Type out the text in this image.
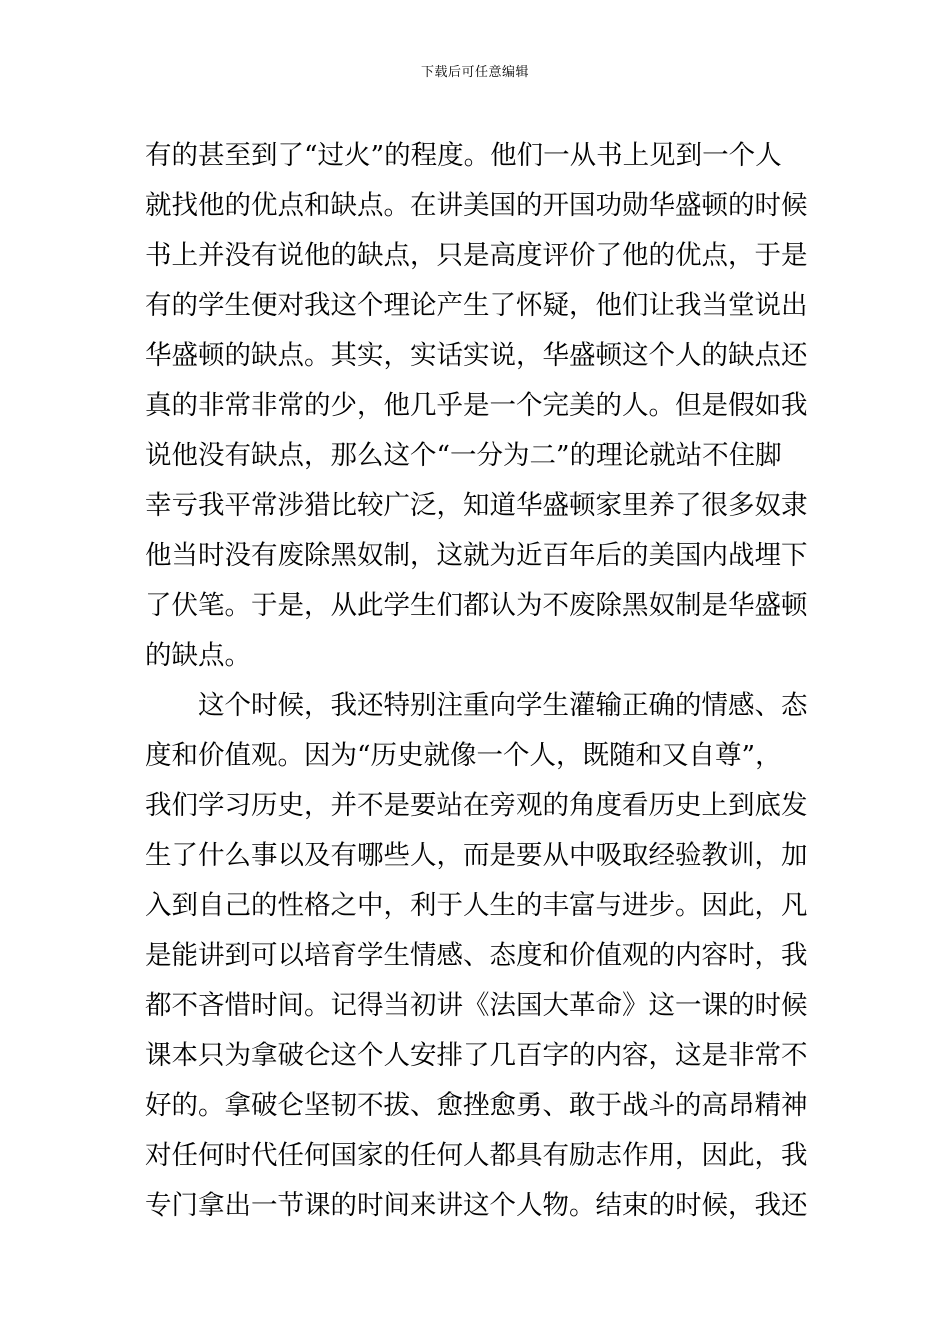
下载后可任意编辑
有的甚至到了“过火”的程度。他们一从书上见到一个人
就找他的优点和缺点。在讲美国的开国功勋华盛顿的时候
书上并没有说他的缺点，只是高度评价了他的优点，于是
有的学生便对我这个理论产生了怀疑，他们让我当堂说出
华盛顿的缺点。其实，实话实说，华盛顿这个人的缺点还
真的非常非常的少，他几乎是一个完美的人。但是假如我
说他没有缺点，那么这个“一分为二”的理论就站不住脚
幸亏我平常涉猎比较广泛，知道华盛顿家里养了很多奴隶
他当时没有废除黑奴制，这就为近百年后的美国内战埋下
了伏笔。于是，从此学生们都认为不废除黑奴制是华盛顿
的缺点。
这个时候，我还特别注重向学生灌输正确的情感、态
度和价值观。因为“历史就像一个人，既随和又自尊”，
我们学习历史，并不是要站在旁观的角度看历史上到底发
生了什么事以及有哪些人，而是要从中吸取经验教训，加
入到自己的性格之中，利于人生的丰富与进步。因此，凡
是能讲到可以培育学生情感、态度和价值观的内容时，我
都不吝惜时间。记得当初讲《法国大革命》这一课的时候
课本只为拿破仑这个人安排了几百字的内容，这是非常不
好的。拿破仑坚韧不拔、愈挫愈勇、敢于战斗的高昂精神
对任何时代任何国家的任何人都具有励志作用，因此，我
专门拿出一节课的时间来讲这个人物。结束的时候，我还
